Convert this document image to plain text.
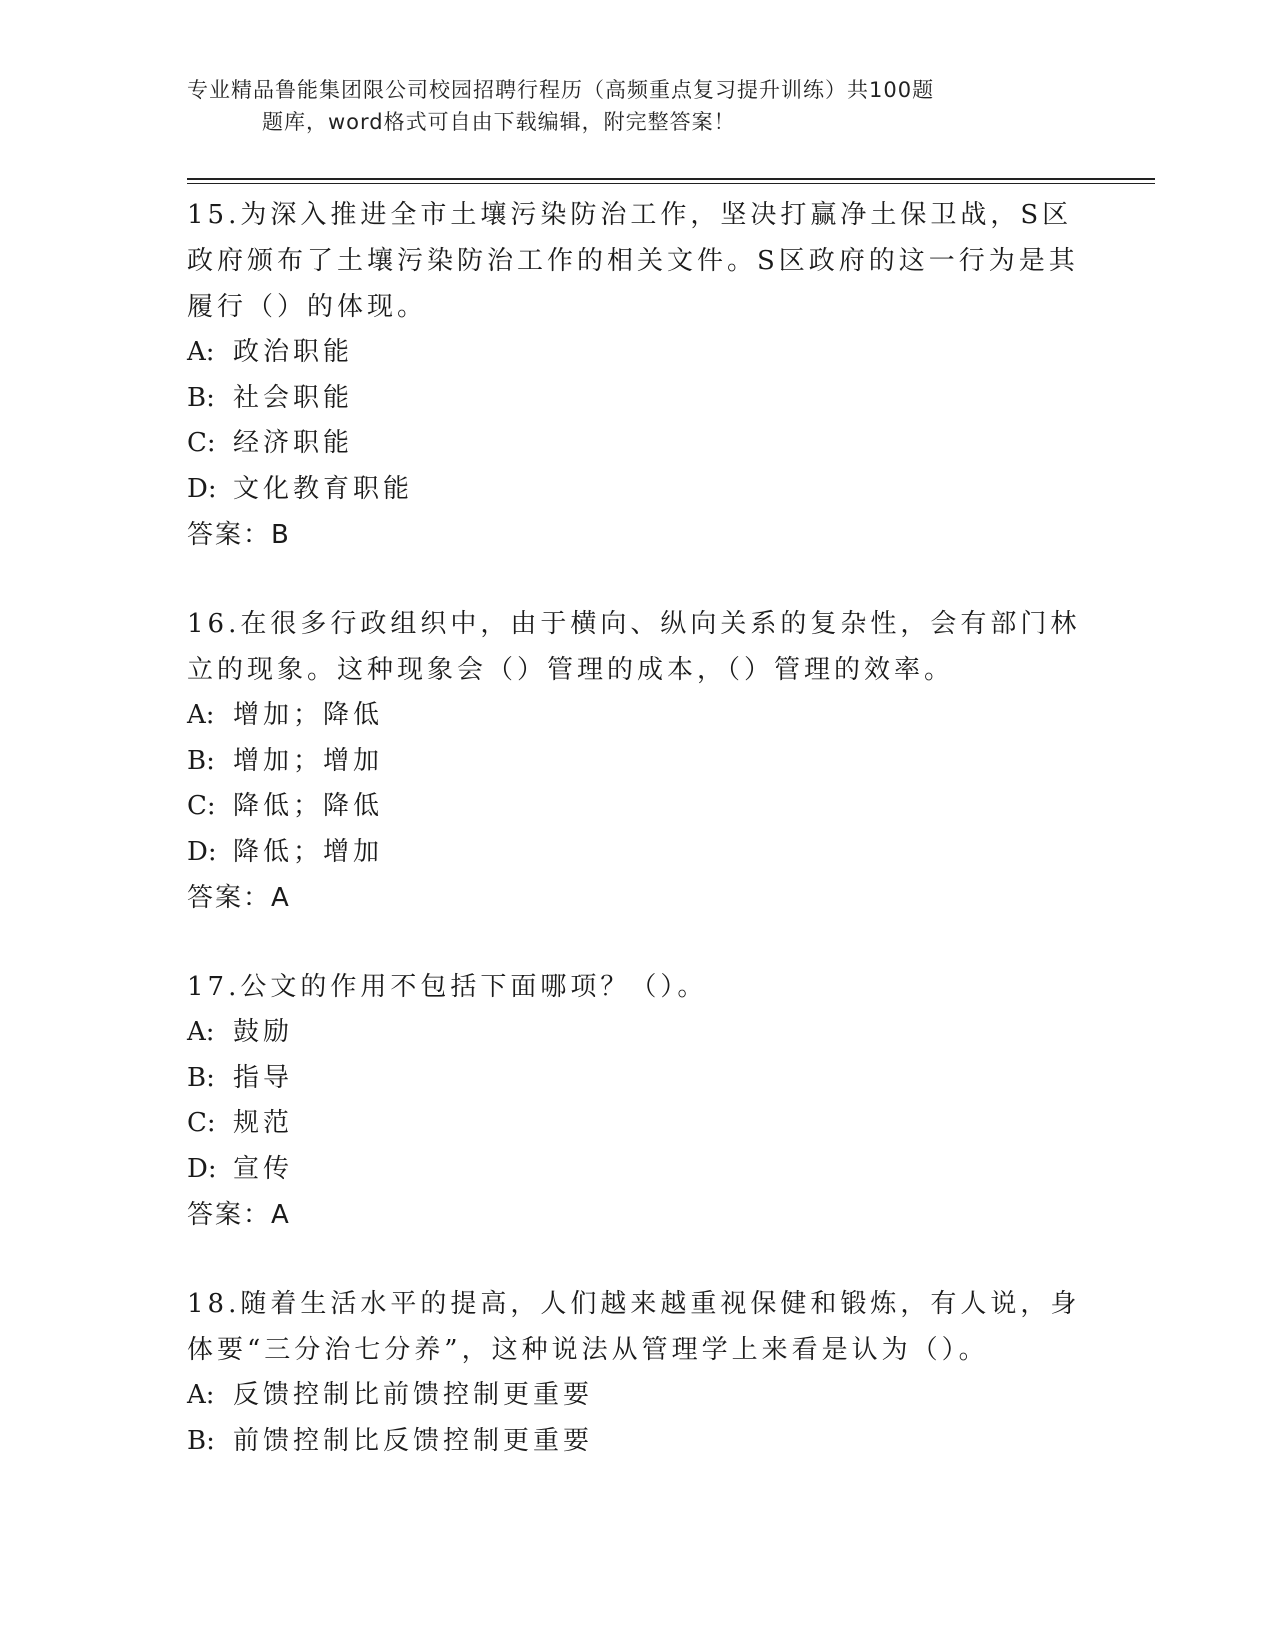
专业精品鲁能集团限公司校园招聘行程历（高频重点复习提升训练）共100题
题库，word格式可自由下载编辑，附完整答案！

15.为深入推进全市土壤污染防治工作，坚决打赢净土保卫战，S区政府颁布了土壤污染防治工作的相关文件。S区政府的这一行为是其履行（）的体现。

A: 政治职能

B: 社会职能

C: 经济职能

D: 文化教育职能

答案：B

16.在很多行政组织中，由于横向、纵向关系的复杂性，会有部门林立的现象。这种现象会（）管理的成本，（）管理的效率。

A: 增加；降低

B: 增加；增加

C: 降低；降低

D: 降低；增加

答案：A

17.公文的作用不包括下面哪项？（）。

A: 鼓励

B: 指导

C: 规范

D: 宣传

答案：A

18.随着生活水平的提高，人们越来越重视保健和锻炼，有人说，身体要“三分治七分养”，这种说法从管理学上来看是认为（）。

A: 反馈控制比前馈控制更重要

B: 前馈控制比反馈控制更重要
